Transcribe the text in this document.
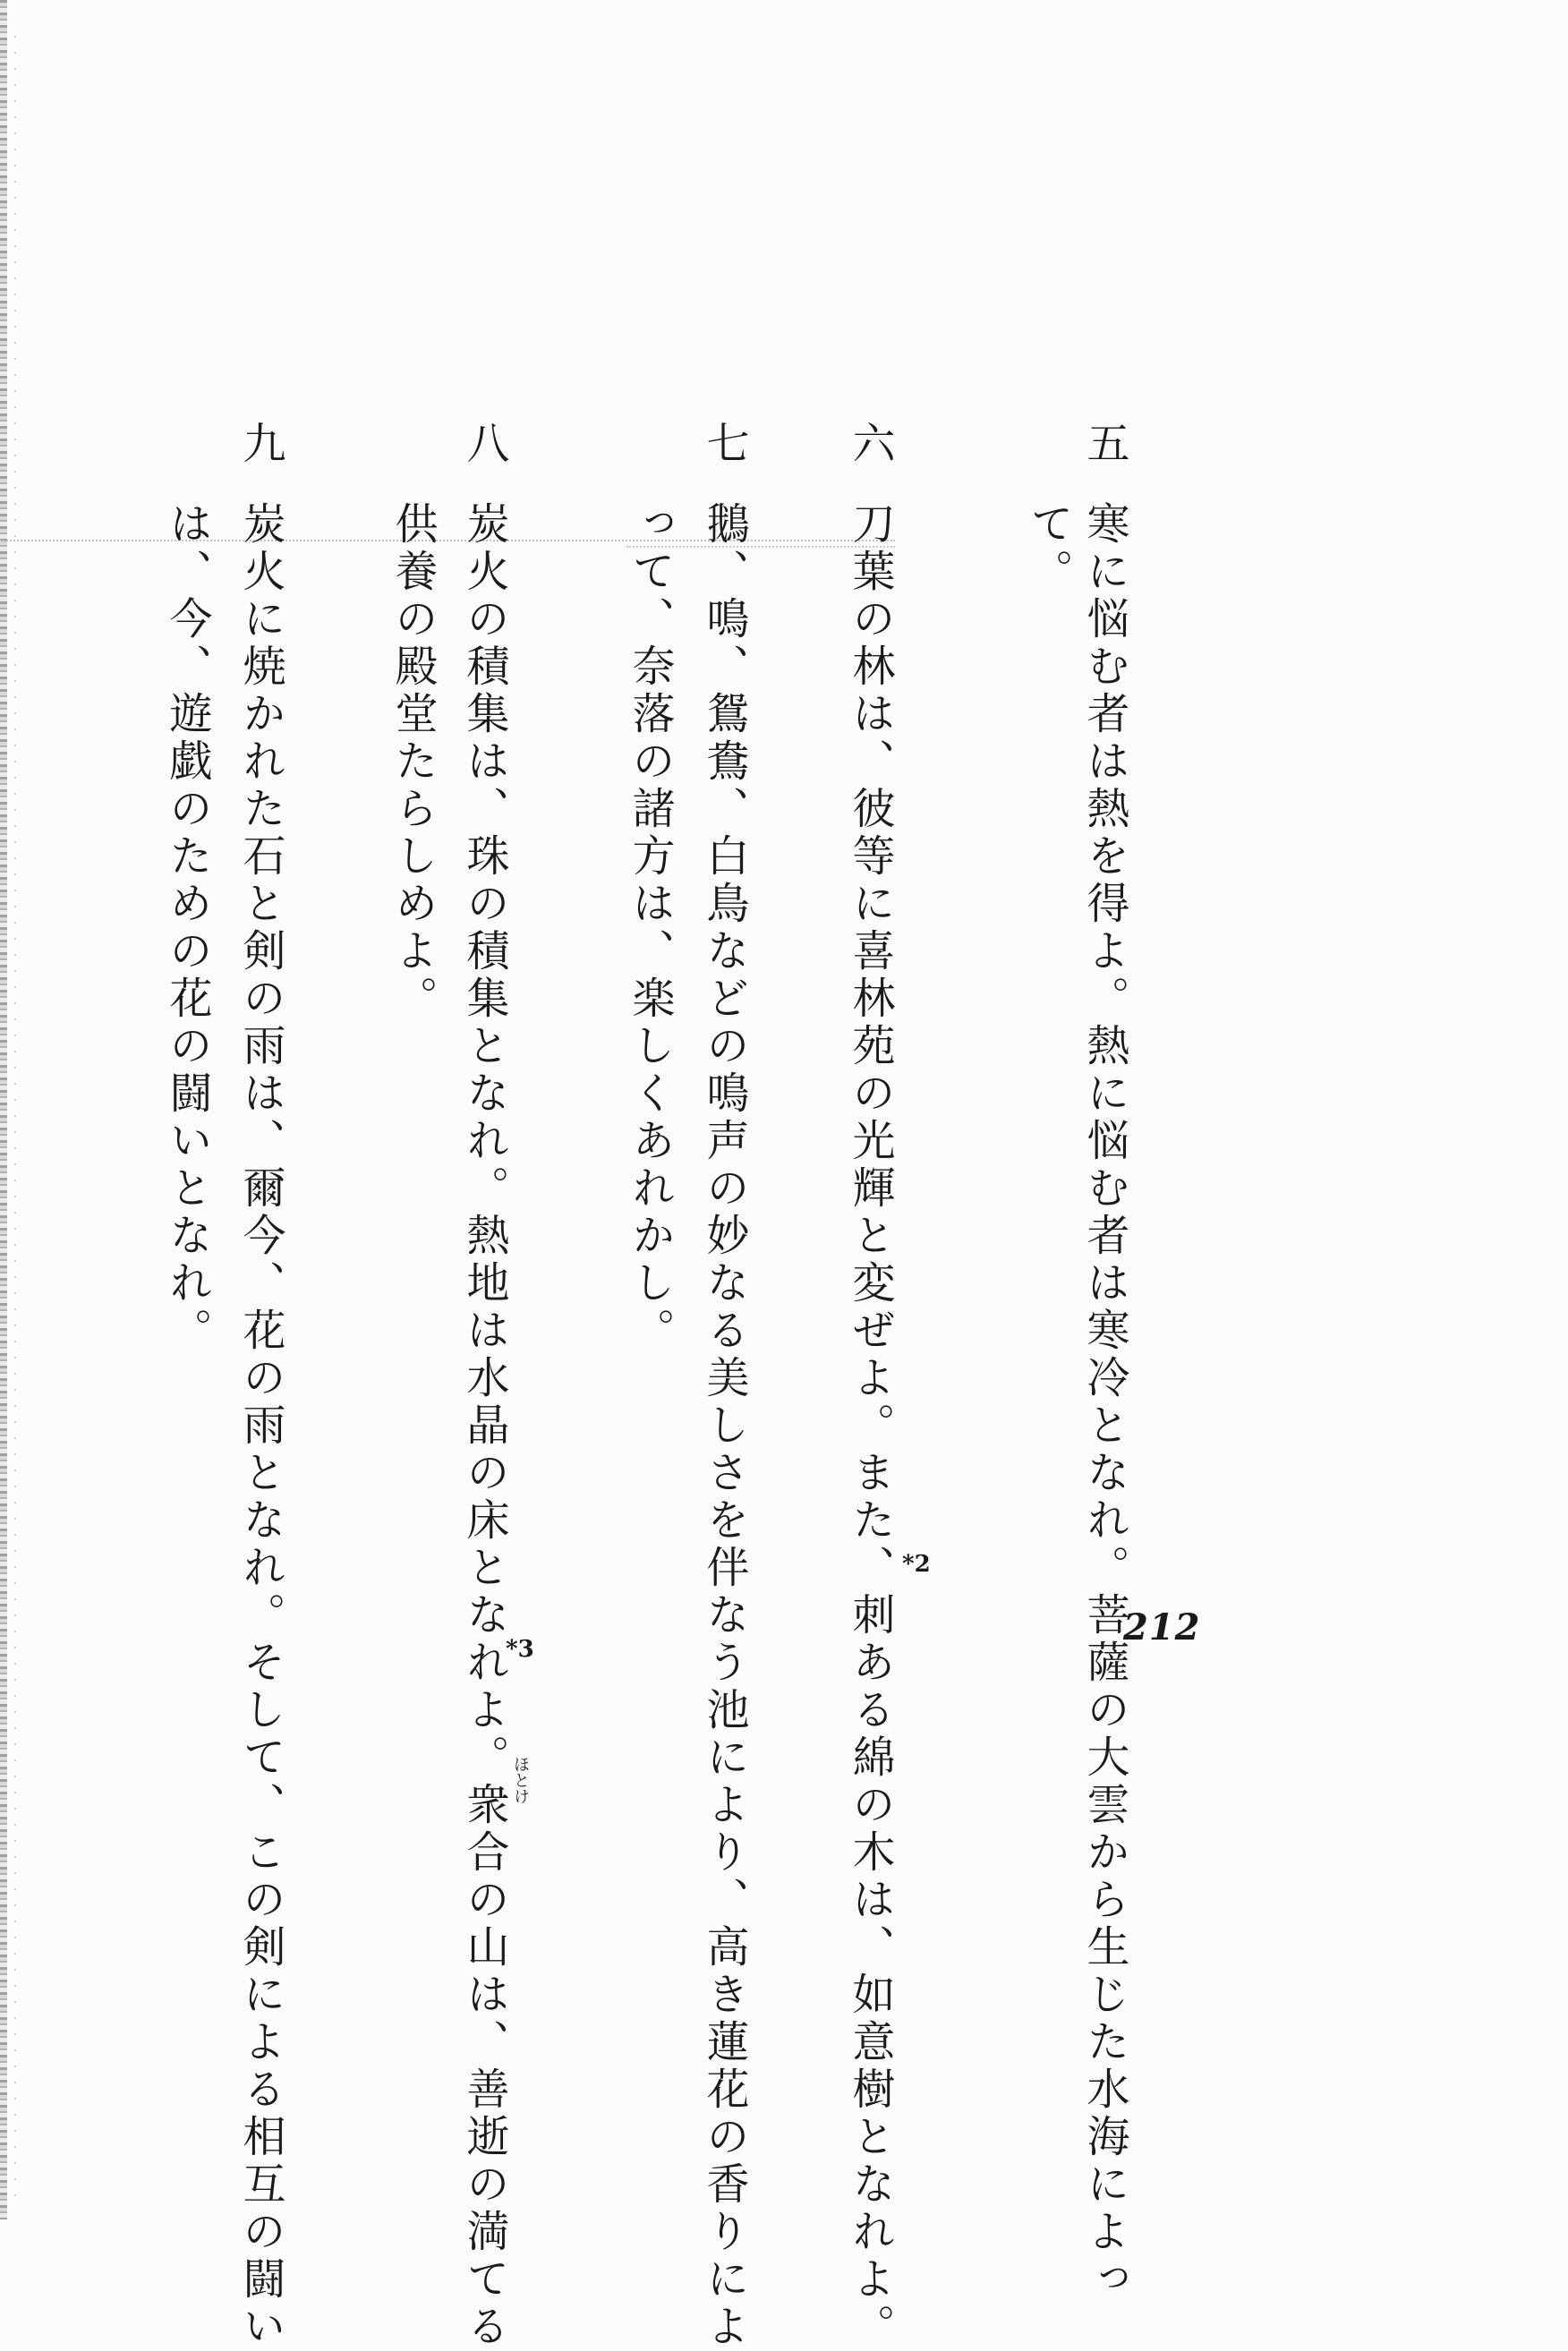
五
寒に悩む者は熱を得よ。熱に悩む者は寒冷となれ。菩薩の大雲から生じた水海によっ
て。
六
刀葉の林は、彼等に喜林苑の光輝と変ぜよ。また、刺ある綿の木は、如意樹となれよ。 *2
七
鵝、鳴、鴛鴦、白鳥などの鳴声の妙なる美しさを伴なう池により、高き蓮花の香りによ
って、奈落の諸方は、楽しくあれかし。
八
炭火の積集は、珠の積集となれ。熱地は水晶の床となれよ。衆合の山は、善逝の満てる
供養の殿堂たらしめよ。
*3
ほとけ
九
炭火に焼かれた石と剣の雨は、爾今、花の雨となれ。そして、この剣による相互の闘い
は、今、遊戯のための花の闘いとなれ。
212
